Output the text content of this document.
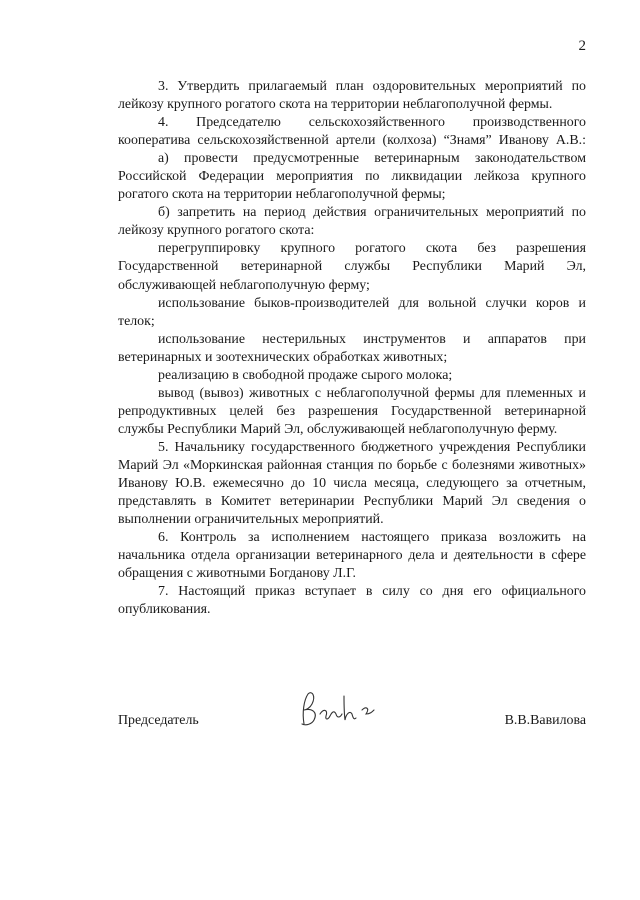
2

3. Утвердить прилагаемый план оздоровительных мероприятий по лейкозу крупного рогатого скота на территории неблагополучной фермы.

4. Председателю сельскохозяйственного производственного кооператива сельскохозяйственной артели (колхоза) “Знамя” Иванову А.В.:

а) провести предусмотренные ветеринарным законодательством Российской Федерации мероприятия по ликвидации лейкоза крупного рогатого скота на территории неблагополучной фермы;

б) запретить на период действия ограничительных мероприятий по лейкозу крупного рогатого скота:

перегруппировку крупного рогатого скота без разрешения Государственной ветеринарной службы Республики Марий Эл, обслуживающей неблагополучную ферму;

использование быков-производителей для вольной случки коров и телок;

использование нестерильных инструментов и аппаратов при ветеринарных и зоотехнических обработках животных;

реализацию в свободной продаже сырого молока;

вывод (вывоз) животных с неблагополучной фермы для племенных и репродуктивных целей без разрешения Государственной ветеринарной службы Республики Марий Эл, обслуживающей неблагополучную ферму.

5. Начальнику государственного бюджетного учреждения Республики Марий Эл «Моркинская районная станция по борьбе с болезнями животных» Иванову Ю.В. ежемесячно до 10 числа месяца, следующего за отчетным, представлять в Комитет ветеринарии Республики Марий Эл сведения о выполнении ограничительных мероприятий.

6. Контроль за исполнением настоящего приказа возложить на начальника отдела организации ветеринарного дела и деятельности в сфере обращения с животными Богданову Л.Г.

7. Настоящий приказ вступает в силу со дня его официального опубликования.

Председатель	В.В.Вавилова
